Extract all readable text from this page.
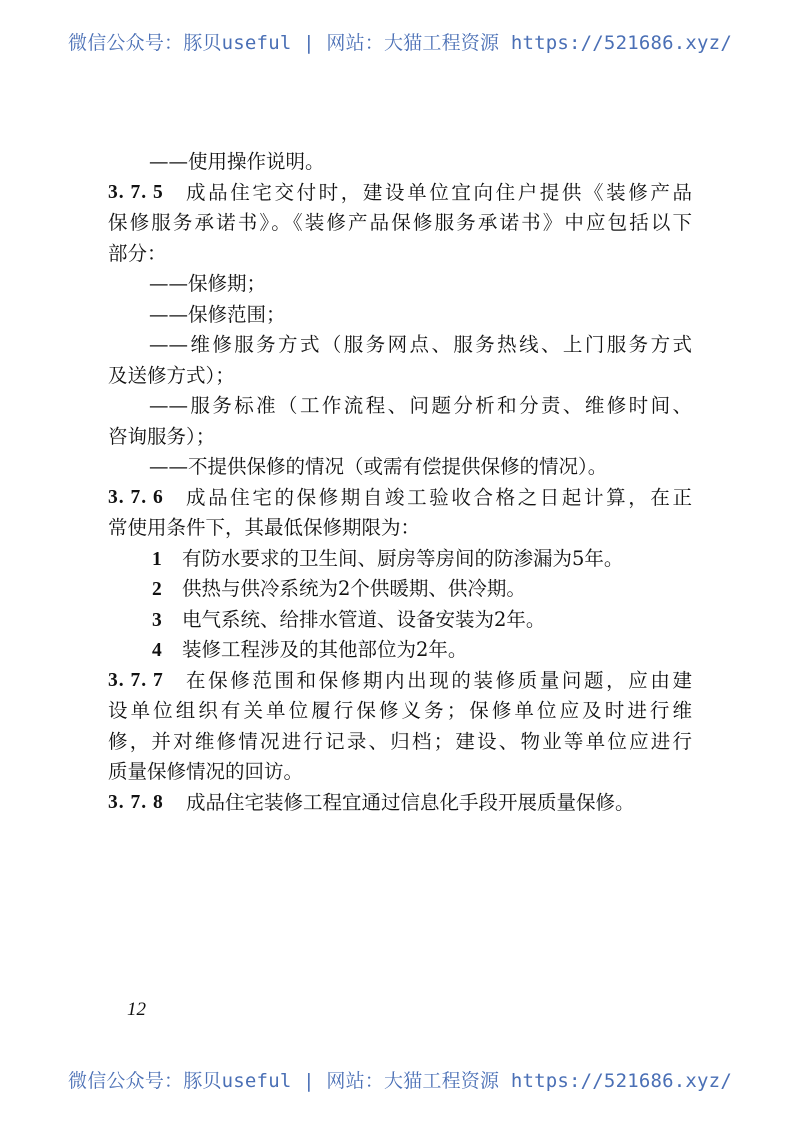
微信公众号：豚贝useful | 网站：大猫工程资源 https://521686.xyz/
——使用操作说明。
3. 7. 5	成品住宅交付时，建设单位宜向住户提供《装修产品
保修服务承诺书》。《装修产品保修服务承诺书》中应包括以下
部分：
——保修期；
——保修范围；
——维修服务方式（服务网点、服务热线、上门服务方式
及送修方式）；
——服务标准（工作流程、问题分析和分责、维修时间、
咨询服务）；
——不提供保修的情况（或需有偿提供保修的情况）。
3. 7. 6	成品住宅的保修期自竣工验收合格之日起计算，在正
常使用条件下，其最低保修期限为：
1 有防水要求的卫生间、厨房等房间的防渗漏为5年。
2 供热与供冷系统为2个供暖期、供冷期。
3 电气系统、给排水管道、设备安装为2年。
4 装修工程涉及的其他部位为2年。
3. 7. 7	在保修范围和保修期内出现的装修质量问题，应由建
设单位组织有关单位履行保修义务；保修单位应及时进行维
修，并对维修情况进行记录、归档；建设、物业等单位应进行
质量保修情况的回访。
3. 7. 8	成品住宅装修工程宜通过信息化手段开展质量保修。
12
微信公众号：豚贝useful | 网站：大猫工程资源 https://521686.xyz/
